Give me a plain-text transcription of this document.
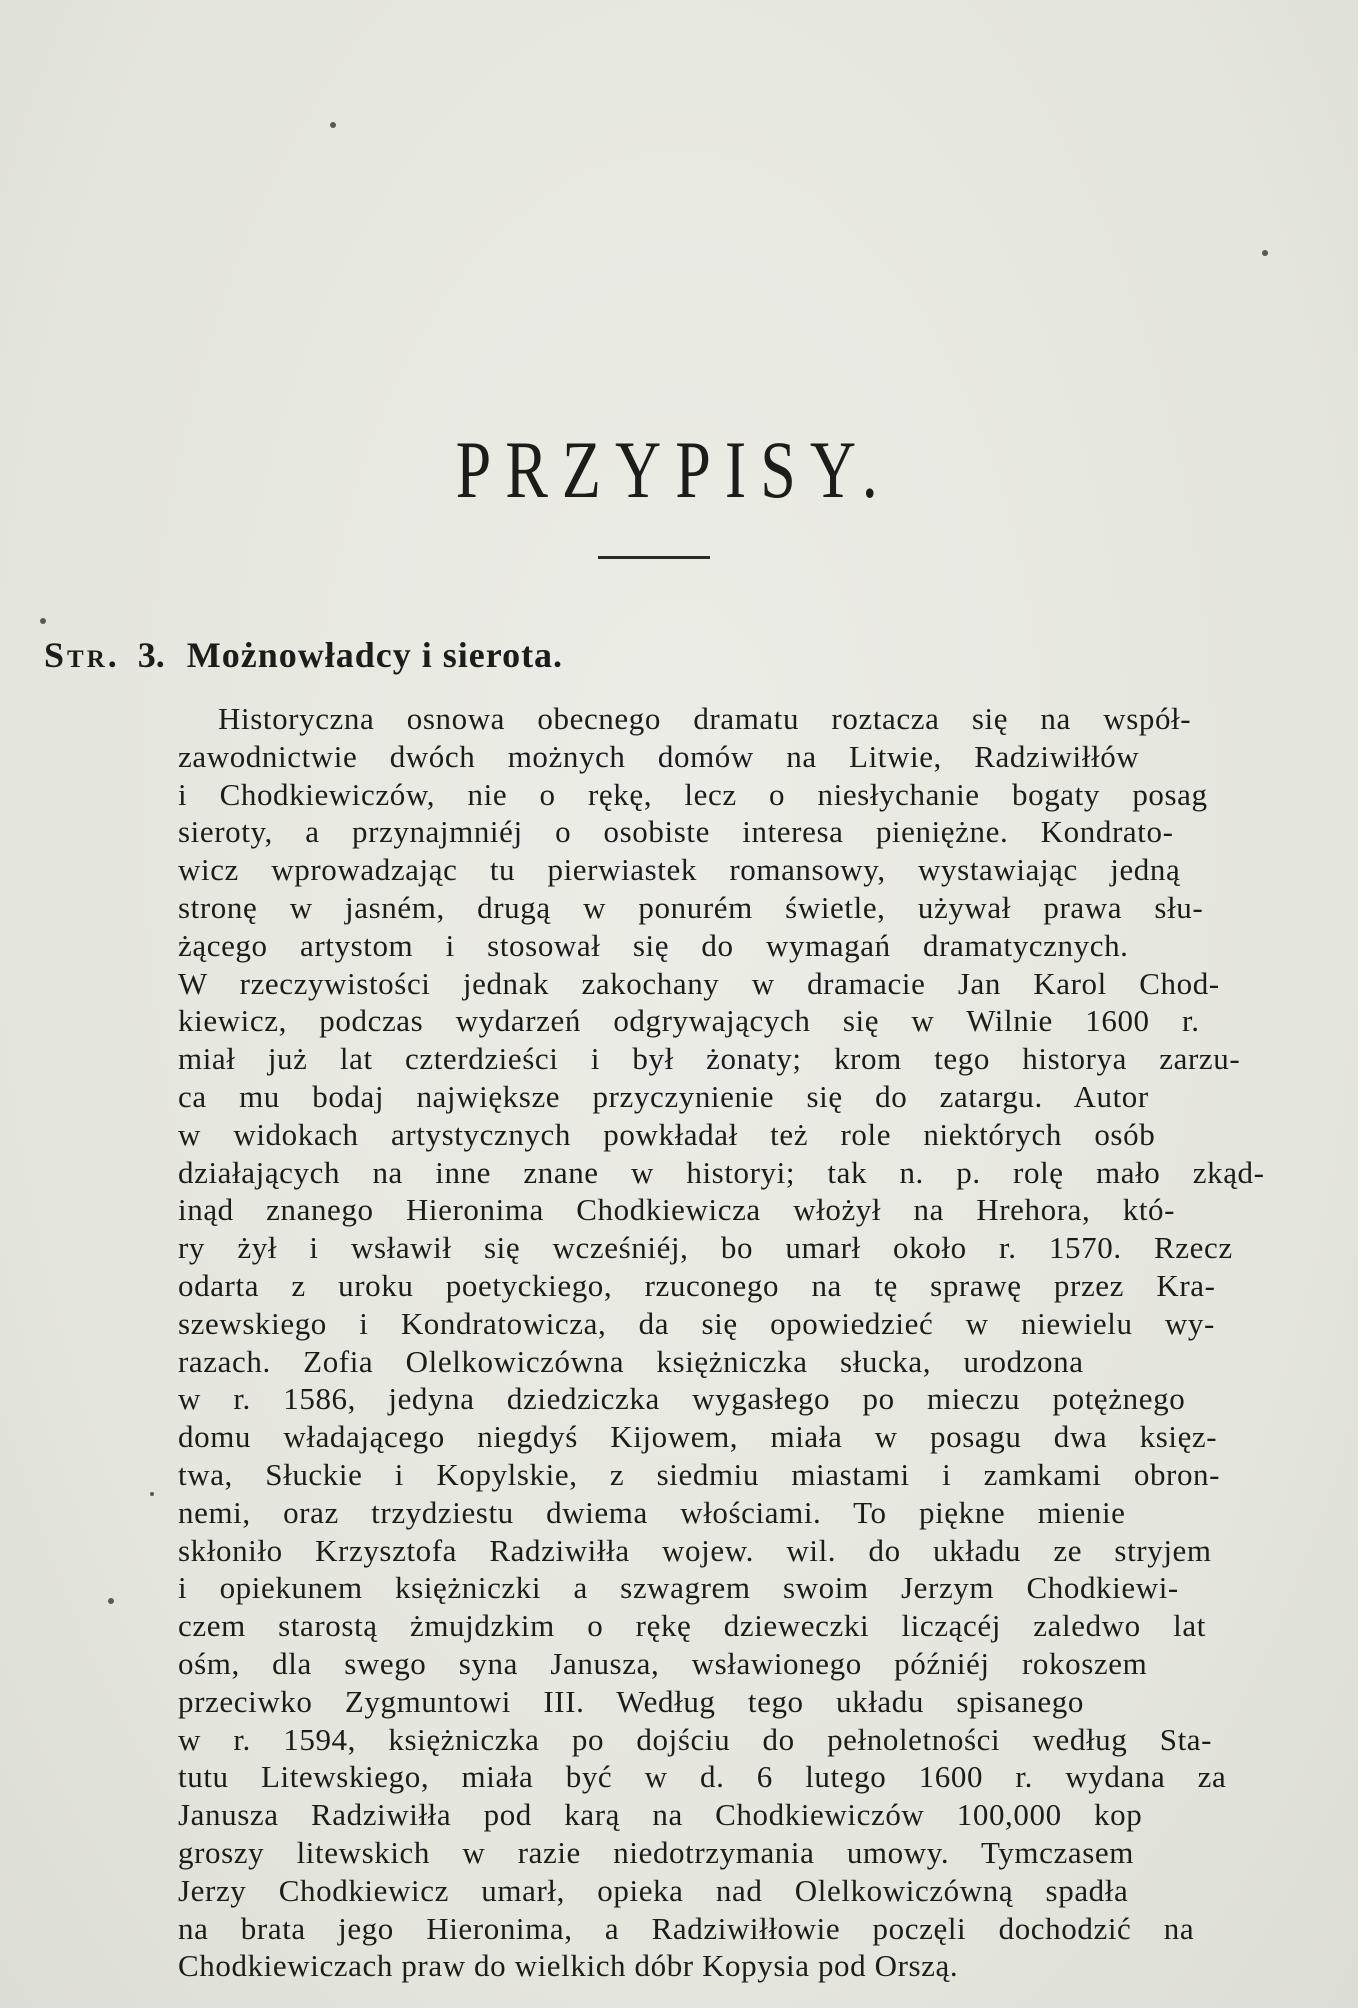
PRZYPISY.
Str. 3. Możnowładcy i sierota.
Historyczna osnowa obecnego dramatu roztacza się na współ-
zawodnictwie dwóch możnych domów na Litwie, Radziwiłłów
i Chodkiewiczów, nie o rękę, lecz o niesłychanie bogaty posag
sieroty, a przynajmniéj o osobiste interesa pieniężne. Kondrato-
wicz wprowadzając tu pierwiastek romansowy, wystawiając jedną
stronę w jasném, drugą w ponurém świetle, używał prawa słu-
żącego artystom i stosował się do wymagań dramatycznych.
W rzeczywistości jednak zakochany w dramacie Jan Karol Chod-
kiewicz, podczas wydarzeń odgrywających się w Wilnie 1600 r.
miał już lat czterdzieści i był żonaty; krom tego historya zarzu-
ca mu bodaj największe przyczynienie się do zatargu. Autor
w widokach artystycznych powkładał też role niektórych osób
działających na inne znane w historyi; tak n. p. rolę mało zkąd-
inąd znanego Hieronima Chodkiewicza włożył na Hrehora, któ-
ry żył i wsławił się wcześniéj, bo umarł około r. 1570. Rzecz
odarta z uroku poetyckiego, rzuconego na tę sprawę przez Kra-
szewskiego i Kondratowicza, da się opowiedzieć w niewielu wy-
razach. Zofia Olelkowiczówna księżniczka słucka, urodzona
w r. 1586, jedyna dziedziczka wygasłego po mieczu potężnego
domu władającego niegdyś Kijowem, miała w posagu dwa księz-
twa, Słuckie i Kopylskie, z siedmiu miastami i zamkami obron-
nemi, oraz trzydziestu dwiema włościami. To piękne mienie
skłoniło Krzysztofa Radziwiłła wojew. wil. do układu ze stryjem
i opiekunem księżniczki a szwagrem swoim Jerzym Chodkiewi-
czem starostą żmujdzkim o rękę dzieweczki liczącéj zaledwo lat
ośm, dla swego syna Janusza, wsławionego późniéj rokoszem
przeciwko Zygmuntowi III. Według tego układu spisanego
w r. 1594, księżniczka po dojściu do pełnoletności według Sta-
tutu Litewskiego, miała być w d. 6 lutego 1600 r. wydana za
Janusza Radziwiłła pod karą na Chodkiewiczów 100,000 kop
groszy litewskich w razie niedotrzymania umowy. Tymczasem
Jerzy Chodkiewicz umarł, opieka nad Olelkowiczówną spadła
na brata jego Hieronima, a Radziwiłłowie poczęli dochodzić na
Chodkiewiczach praw do wielkich dóbr Kopysia pod Orszą.
